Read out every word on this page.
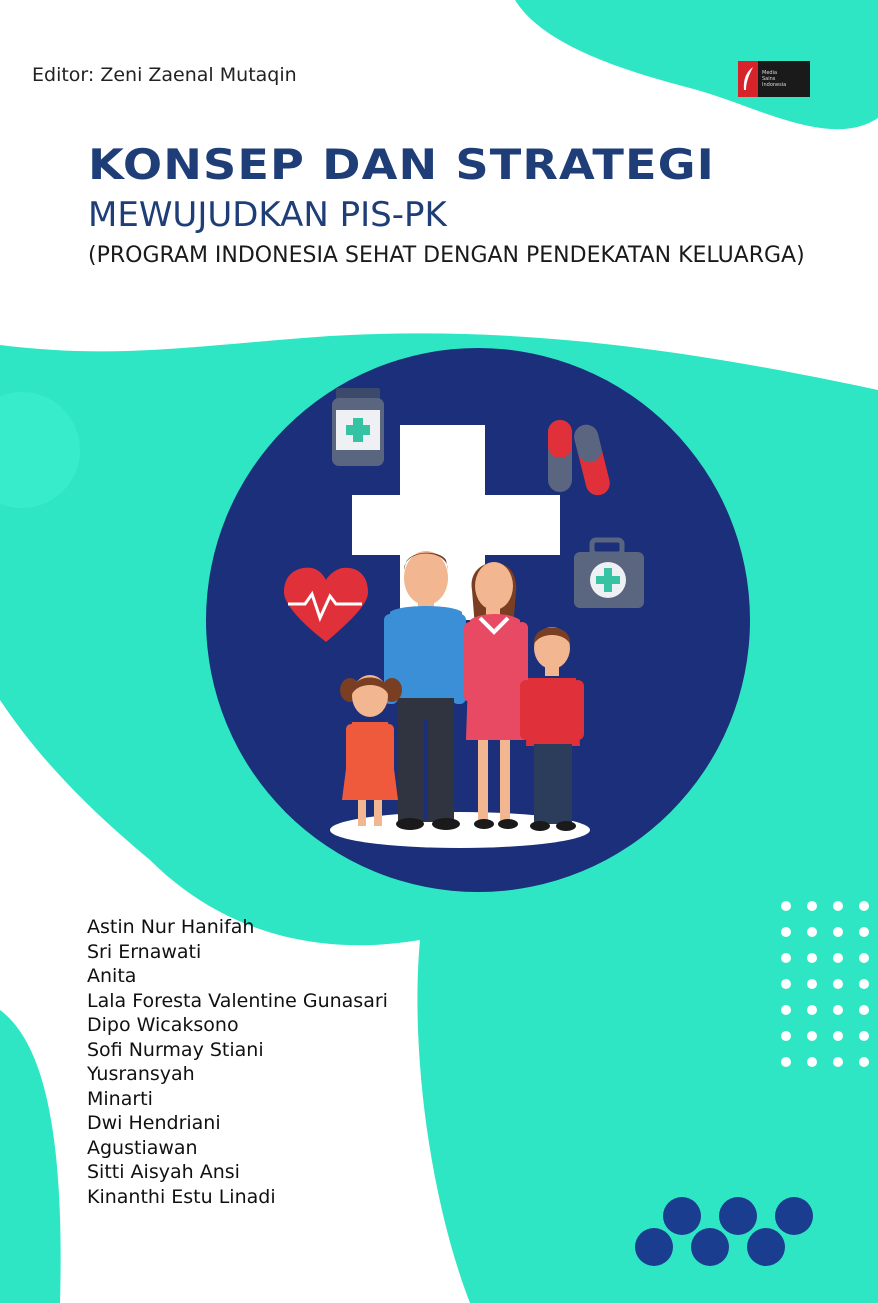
Editor: Zeni Zaenal Mutaqin	Media
Sains
Indonesia
KONSEP DAN STRATEGI
MEWUJUDKAN PIS-PK
(PROGRAM INDONESIA SEHAT DENGAN PENDEKATAN KELUARGA)
Astin Nur Hanifah
Sri Ernawati
Anita
Lala Foresta Valentine Gunasari
Dipo Wicaksono
Sofi Nurmay Stiani
Yusransyah
Minarti
Dwi Hendriani
Agustiawan
Sitti Aisyah Ansi
Kinanthi Estu Linadi
